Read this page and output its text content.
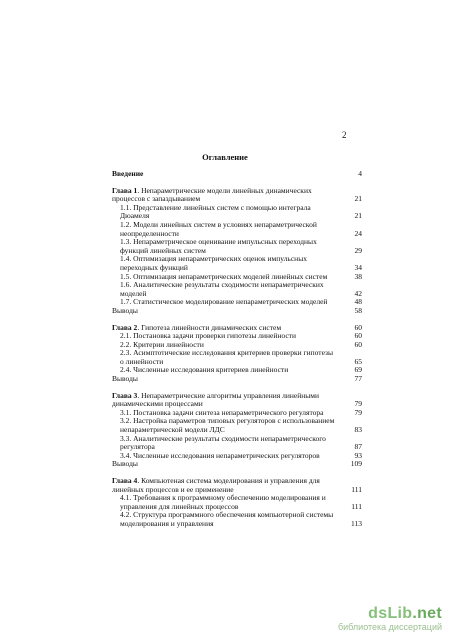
2
Оглавление
Введение	4
Глава 1. Непараметрические модели линейных динамических процессов с запаздыванием	21
1.1. Представление линейных систем с помощью интеграла Дюамеля	21
1.2. Модели линейных систем в условиях непараметрической неопределенности	24
1.3. Непараметрическое оценивание импульсных переходных функций линейных систем	29
1.4. Оптимизация непараметрических оценок импульсных переходных функций	34
1.5. Оптимизация непараметрических моделей линейных систем	38
1.6. Аналитические результаты сходимости непараметрических моделей	42
1.7. Статистическое моделирование непараметрических моделей	48
Выводы	58
Глава 2. Гипотеза линейности динамических систем	60
2.1. Постановка задачи проверки гипотезы линейности	60
2.2. Критерии линейности	60
2.3. Асимптотические исследования критериев проверки гипотезы о линейности	65
2.4. Численные исследования критериев линейности	69
Выводы	77
Глава 3. Непараметрические алгоритмы управления линейными динамическими процессами	79
3.1. Постановка задачи синтеза непараметрического регулятора	79
3.2. Настройка параметров типовых регуляторов с использованием непараметрической модели ЛДС	83
3.3. Аналитические результаты сходимости непараметрического регулятора	87
3.4. Численные исследования непараметрических регуляторов	93
Выводы	109
Глава 4. Компьютеная система моделирования и управления для линейных процессов и ее применение	111
4.1. Требования к программному обеспечению моделирования и управления для линейных процессов	111
4.2. Структура программного обеспечения компьютерной системы моделирования и управления	113
dsLib.net
библиотека диссертаций
